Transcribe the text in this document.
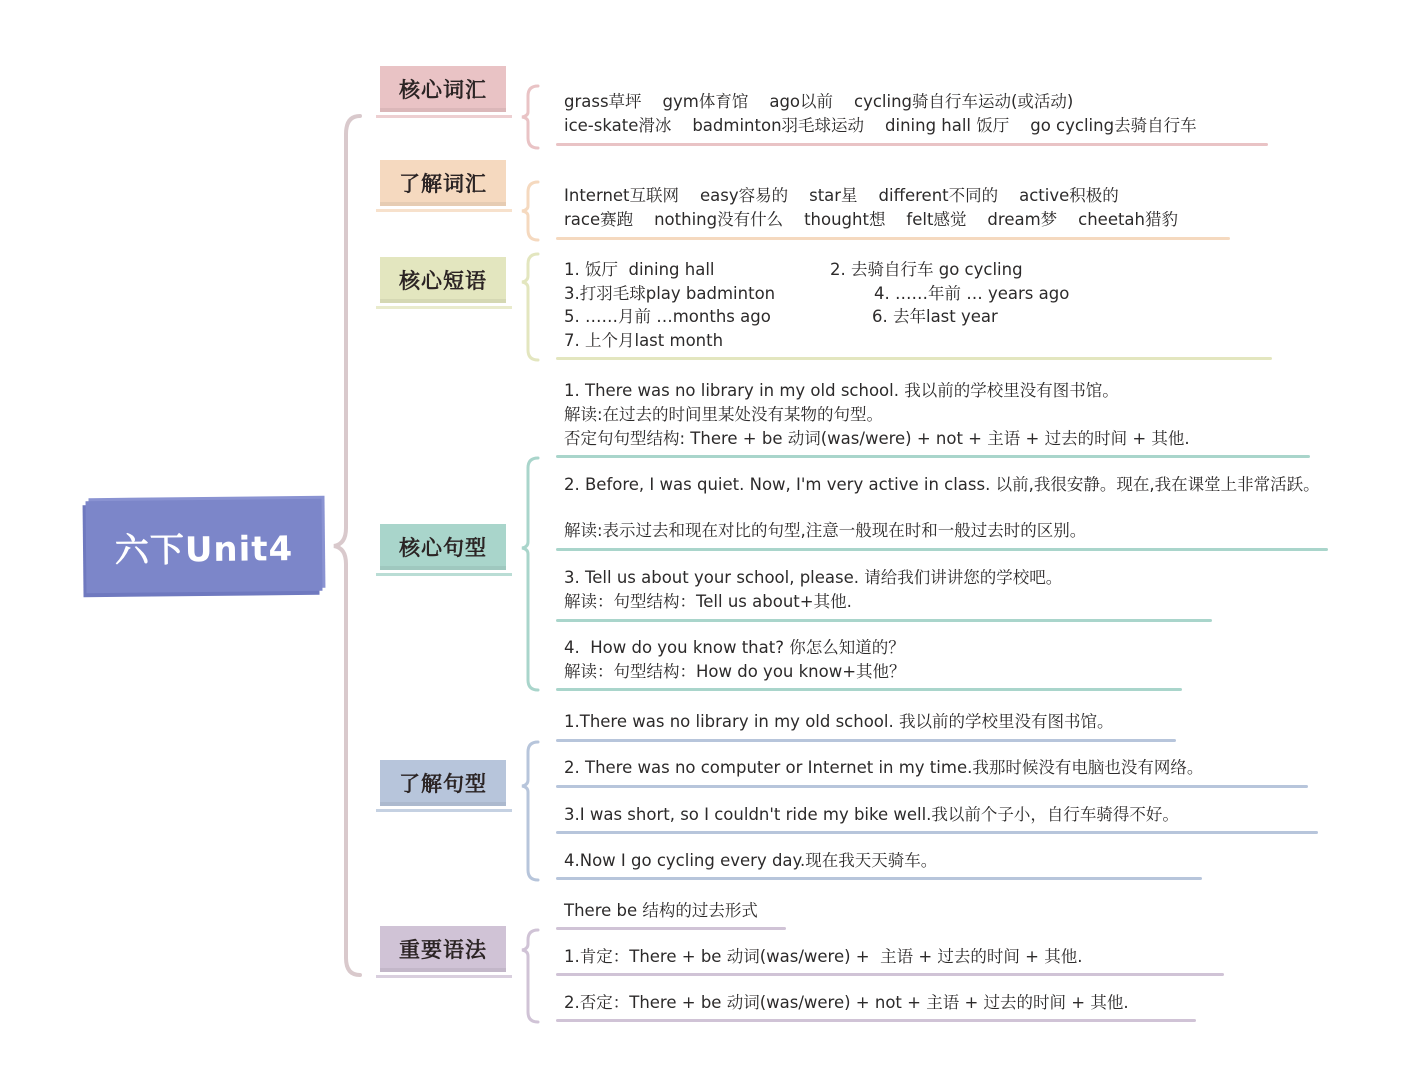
六下Unit4
核心词汇
了解词汇
核心短语
核心句型
了解句型
重要语法
grass草坪    gym体育馆    ago以前    cycling骑自行车运动(或活动)
ice-skate滑冰    badminton羽毛球运动    dining hall 饭厅    go cycling去骑自行车
Internet互联网    easy容易的    star星    different不同的    active积极的
race赛跑    nothing没有什么    thought想    felt感觉    dream梦    cheetah猎豹
1. 饭厅  dining hall	2. 去骑自行车 go cycling
3.打羽毛球play badminton	4. ……年前 … years ago
5. ……月前 …months ago	6. 去年last year
7. 上个月last month
1. There was no library in my old school. 我以前的学校里没有图书馆。
解读:在过去的时间里某处没有某物的句型。
否定句句型结构: There + be 动词(was/were) + not + 主语 + 过去的时间 + 其他.
2. Before, I was quiet. Now, I'm very active in class. 以前,我很安静。现在,我在课堂上非常活跃。
解读:表示过去和现在对比的句型,注意一般现在时和一般过去时的区别。
3. Tell us about your school, please. 请给我们讲讲您的学校吧。
解读：句型结构：Tell us about+其他.
4.  How do you know that? 你怎么知道的？
解读：句型结构：How do you know+其他？
1.There was no library in my old school. 我以前的学校里没有图书馆。
2. There was no computer or Internet in my time.我那时候没有电脑也没有网络。
3.I was short, so I couldn't ride my bike well.我以前个子小，自行车骑得不好。
4.Now I go cycling every day.现在我天天骑车。
There be 结构的过去形式
1.肯定：There + be 动词(was/were) +  主语 + 过去的时间 + 其他.
2.否定：There + be 动词(was/were) + not + 主语 + 过去的时间 + 其他.
